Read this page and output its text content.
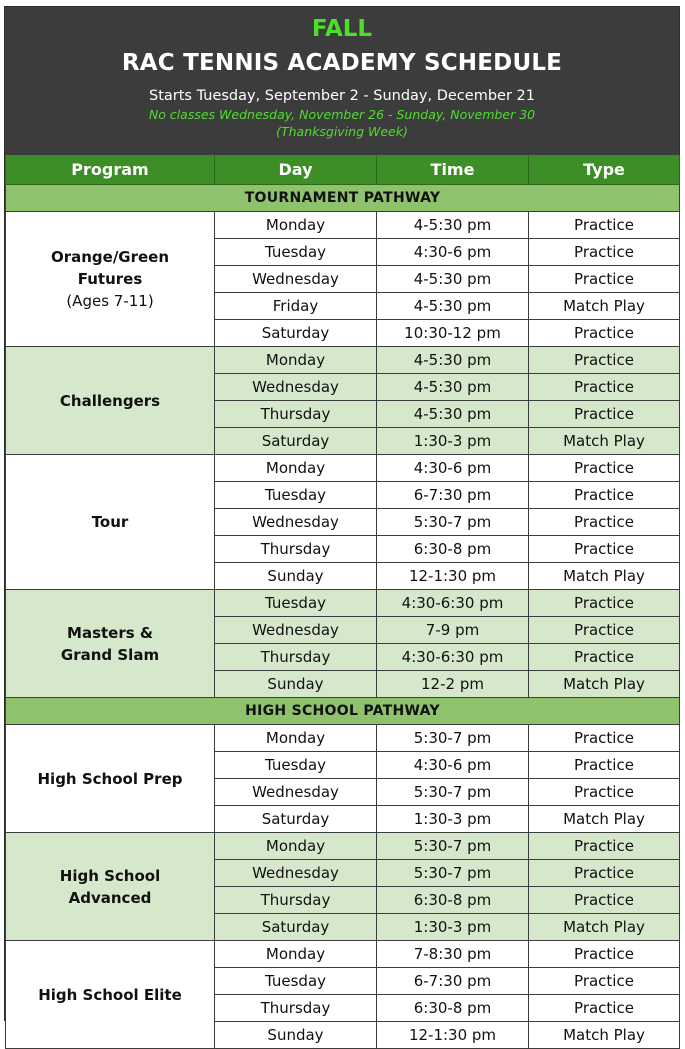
FALL
RAC TENNIS ACADEMY SCHEDULE
Starts Tuesday, September 2 - Sunday, December 21
No classes Wednesday, November 26 - Sunday, November 30
(Thanksgiving Week)
Program	Day	Time	Type
TOURNAMENT PATHWAY			

Orange/Green
Futures
(Ages 7-11)	Monday	4-5:30 pm	Practice
	Tuesday	4:30-6 pm	Practice
	Wednesday	4-5:30 pm	Practice
	Friday	4-5:30 pm	Match Play
	Saturday	10:30-12 pm	Practice

Challengers	Monday	4-5:30 pm	Practice
	Wednesday	4-5:30 pm	Practice
	Thursday	4-5:30 pm	Practice
	Saturday	1:30-3 pm	Match Play

Tour	Monday	4:30-6 pm	Practice
	Tuesday	6-7:30 pm	Practice
	Wednesday	5:30-7 pm	Practice
	Thursday	6:30-8 pm	Practice
	Sunday	12-1:30 pm	Match Play

Masters &
Grand Slam	Tuesday	4:30-6:30 pm	Practice
	Wednesday	7-9 pm	Practice
	Thursday	4:30-6:30 pm	Practice
	Sunday	12-2 pm	Match Play
HIGH SCHOOL PATHWAY			

High School Prep	Monday	5:30-7 pm	Practice
	Tuesday	4:30-6 pm	Practice
	Wednesday	5:30-7 pm	Practice
	Saturday	1:30-3 pm	Match Play

High School
Advanced	Monday	5:30-7 pm	Practice
	Wednesday	5:30-7 pm	Practice
	Thursday	6:30-8 pm	Practice
	Saturday	1:30-3 pm	Match Play

High School Elite	Monday	7-8:30 pm	Practice
	Tuesday	6-7:30 pm	Practice
	Thursday	6:30-8 pm	Practice
	Sunday	12-1:30 pm	Match Play
